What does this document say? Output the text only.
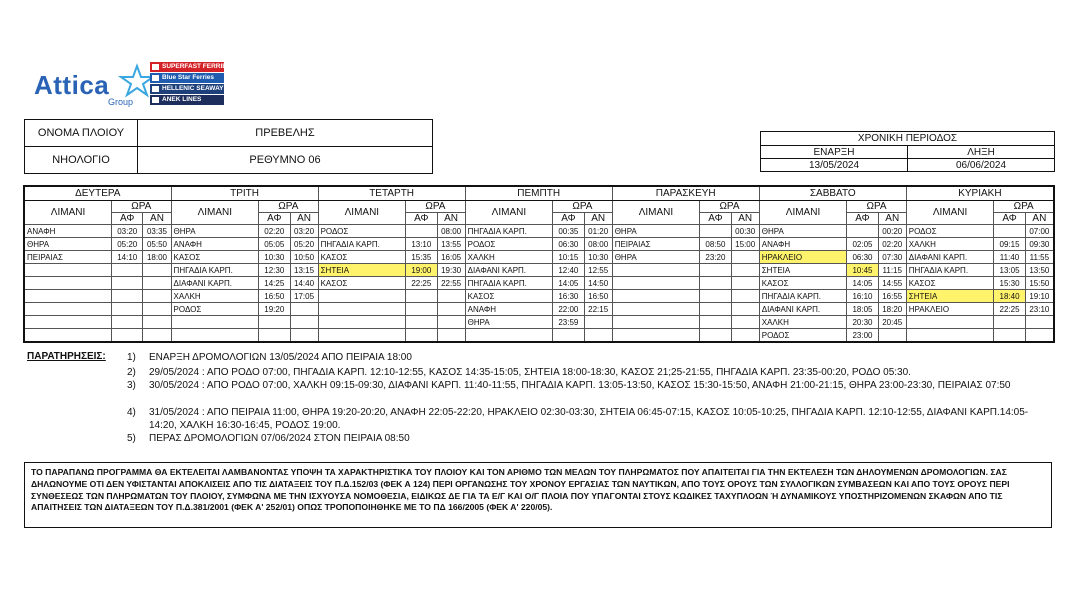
Attica
Group
SUPERFAST FERRIES
Blue Star Ferries
HELLENIC SEAWAYS
ANEK LINES
ΟΝΟΜΑ ΠΛΟΙΟΥ	ΠΡΕΒΕΛΗΣ
ΝΗΟΛΟΓΙΟ	ΡΕΘΥΜΝΟ 06
ΧΡΟΝΙΚΗ ΠΕΡΙΟΔΟΣ	
ΕΝΑΡΞΗ	ΛΗΞΗ
13/05/2024	06/06/2024
ΔΕΥΤΕΡΑ			ΤΡΙΤΗ			ΤΕΤΑΡΤΗ			ΠΕΜΠΤΗ			ΠΑΡΑΣΚΕΥΗ			ΣΑΒΒΑΤΟ			ΚΥΡΙΑΚΗ		
ΛΙΜΑΝΙ	ΩΡΑ		ΛΙΜΑΝΙ	ΩΡΑ		ΛΙΜΑΝΙ	ΩΡΑ		ΛΙΜΑΝΙ	ΩΡΑ		ΛΙΜΑΝΙ	ΩΡΑ		ΛΙΜΑΝΙ	ΩΡΑ		ΛΙΜΑΝΙ	ΩΡΑ	
	ΑΦ	ΑΝ		ΑΦ	ΑΝ		ΑΦ	ΑΝ		ΑΦ	ΑΝ		ΑΦ	ΑΝ		ΑΦ	ΑΝ		ΑΦ	ΑΝ
ΑΝΑΦΗ	03:20	03:35	ΘΗΡΑ	02:20	03:20	ΡΟΔΟΣ		08:00	ΠΗΓΑΔΙΑ ΚΑΡΠ.	00:35	01:20	ΘΗΡΑ		00:30	ΘΗΡΑ		00:20	ΡΟΔΟΣ		07:00
ΘΗΡΑ	05:20	05:50	ΑΝΑΦΗ	05:05	05:20	ΠΗΓΑΔΙΑ ΚΑΡΠ.	13:10	13:55	ΡΟΔΟΣ	06:30	08:00	ΠΕΙΡΑΙΑΣ	08:50	15:00	ΑΝΑΦΗ	02:05	02:20	ΧΑΛΚΗ	09:15	09:30
ΠΕΙΡΑΙΑΣ	14:10	18:00	ΚΑΣΟΣ	10:30	10:50	ΚΑΣΟΣ	15:35	16:05	ΧΑΛΚΗ	10:15	10:30	ΘΗΡΑ	23:20		ΗΡΑΚΛΕΙΟ	06:30	07:30	ΔΙΑΦΑΝΙ ΚΑΡΠ.	11:40	11:55
			ΠΗΓΑΔΙΑ ΚΑΡΠ.	12:30	13:15	ΣΗΤΕΙΑ	19:00	19:30	ΔΙΑΦΑΝΙ ΚΑΡΠ.	12:40	12:55				ΣΗΤΕΙΑ	10:45	11:15	ΠΗΓΑΔΙΑ ΚΑΡΠ.	13:05	13:50
			ΔΙΑΦΑΝΙ ΚΑΡΠ.	14:25	14:40	ΚΑΣΟΣ	22:25	22:55	ΠΗΓΑΔΙΑ ΚΑΡΠ.	14:05	14:50				ΚΑΣΟΣ	14:05	14:55	ΚΑΣΟΣ	15:30	15:50
			ΧΑΛΚΗ	16:50	17:05				ΚΑΣΟΣ	16:30	16:50				ΠΗΓΑΔΙΑ ΚΑΡΠ.	16:10	16:55	ΣΗΤΕΙΑ	18:40	19:10
			ΡΟΔΟΣ	19:20					ΑΝΑΦΗ	22:00	22:15				ΔΙΑΦΑΝΙ ΚΑΡΠ.	18:05	18:20	ΗΡΑΚΛΕΙΟ	22:25	23:10
									ΘΗΡΑ	23:59					ΧΑΛΚΗ	20:30	20:45			
															ΡΟΔΟΣ	23:00				
ΠΑΡΑΤΗΡΗΣΕΙΣ: 1) ΕΝΑΡΞΗ ΔΡΟΜΟΛΟΓΙΩΝ 13/05/2024 ΑΠΟ ΠΕΙΡΑΙΑ 18:00
2) 29/05/2024 : ΑΠΟ ΡΟΔΟ 07:00, ΠΗΓΑΔΙΑ ΚΑΡΠ. 12:10-12:55, ΚΑΣΟΣ 14:35-15:05, ΣΗΤΕΙΑ 18:00-18:30, ΚΑΣΟΣ 21;25-21:55, ΠΗΓΑΔΙΑ ΚΑΡΠ. 23:35-00:20, ΡΟΔΟ 05:30.
3) 30/05/2024 : ΑΠΟ ΡΟΔΟ 07:00, ΧΑΛΚΗ 09:15-09:30, ΔΙΑΦΑΝΙ ΚΑΡΠ. 11:40-11:55, ΠΗΓΑΔΙΑ ΚΑΡΠ. 13:05-13:50, ΚΑΣΟΣ 15:30-15:50, ΑΝΑΦΗ 21:00-21:15, ΘΗΡΑ 23:00-23:30, ΠΕΙΡΑΙΑΣ 07:50
4) 31/05/2024 : ΑΠΟ ΠΕΙΡΑΙΑ 11:00, ΘΗΡΑ 19:20-20:20, ΑΝΑΦΗ 22:05-22:20, ΗΡΑΚΛΕΙΟ 02:30-03:30, ΣΗΤΕΙΑ 06:45-07:15, ΚΑΣΟΣ 10:05-10:25, ΠΗΓΑΔΙΑ ΚΑΡΠ. 12:10-12:55, ΔΙΑΦΑΝΙ ΚΑΡΠ.14:05-14:20, ΧΑΛΚΗ 16:30-16:45, ΡΟΔΟΣ 19:00.
5) ΠΕΡΑΣ ΔΡΟΜΟΛΟΓΙΩΝ 07/06/2024 ΣΤΟΝ ΠΕΙΡΑΙΑ 08:50
ΤΟ ΠΑΡΑΠΑΝΩ ΠΡΟΓΡΑΜΜΑ ΘΑ ΕΚΤΕΛΕΙΤΑΙ ΛΑΜΒΑΝΟΝΤΑΣ ΥΠΟΨΗ ΤΑ ΧΑΡΑΚΤΗΡΙΣΤΙΚΑ ΤΟΥ ΠΛΟΙΟΥ ΚΑΙ ΤΟΝ ΑΡΙΘΜΟ ΤΩΝ ΜΕΛΩΝ ΤΟΥ ΠΛΗΡΩΜΑΤΟΣ ΠΟΥ ΑΠΑΙΤΕΙΤΑΙ ΓΙΑ ΤΗΝ ΕΚΤΕΛΕΣΗ ΤΩΝ ΔΗΛΟΥΜΕΝΩΝ ΔΡΟΜΟΛΟΓΙΩΝ. ΣΑΣ ΔΗΛΩΝΟΥΜΕ ΟΤΙ ΔΕΝ ΥΦΙΣΤΑΝΤΑΙ ΑΠΟΚΛΙΣΕΙΣ ΑΠΟ ΤΙΣ ΔΙΑΤΑΞΕΙΣ ΤΟΥ Π.Δ.152/03 (ΦΕΚ Α 124) ΠΕΡΙ ΟΡΓΑΝΩΣΗΣ ΤΟΥ ΧΡΟΝΟΥ ΕΡΓΑΣΙΑΣ ΤΩΝ ΝΑΥΤΙΚΩΝ, ΑΠΟ ΤΟΥΣ ΟΡΟΥΣ ΤΩΝ ΣΥΛΛΟΓΙΚΩΝ ΣΥΜΒΑΣΕΩΝ ΚΑΙ ΑΠΟ ΤΟΥΣ ΟΡΟΥΣ ΠΕΡΙ ΣΥΝΘΕΣΕΩΣ ΤΩΝ ΠΛΗΡΩΜΑΤΩΝ ΤΟΥ ΠΛΟΙΟΥ, ΣΥΜΦΩΝΑ ΜΕ ΤΗΝ ΙΣΧΥΟΥΣΑ ΝΟΜΟΘΕΣΙΑ, ΕΙΔΙΚΩΣ ΔΕ ΓΙΑ ΤΑ Ε/Γ ΚΑΙ Ο/Γ ΠΛΟΙΑ ΠΟΥ ΥΠΑΓΟΝΤΑΙ ΣΤΟΥΣ ΚΩΔΙΚΕΣ ΤΑΧΥΠΛΟΩΝ Ή ΔΥΝΑΜΙΚΟΥΣ ΥΠΟΣΤΗΡΙΖΟΜΕΝΩΝ ΣΚΑΦΩΝ ΑΠΟ ΤΙΣ ΑΠΑΙΤΗΣΕΙΣ ΤΩΝ ΔΙΑΤΑΞΕΩΝ ΤΟΥ Π.Δ.381/2001 (ΦΕΚ Α' 252/01) ΟΠΩΣ ΤΡΟΠΟΠΟΙΗΘΗΚΕ ΜΕ ΤΟ ΠΔ 166/2005 (ΦΕΚ Α' 220/05).
